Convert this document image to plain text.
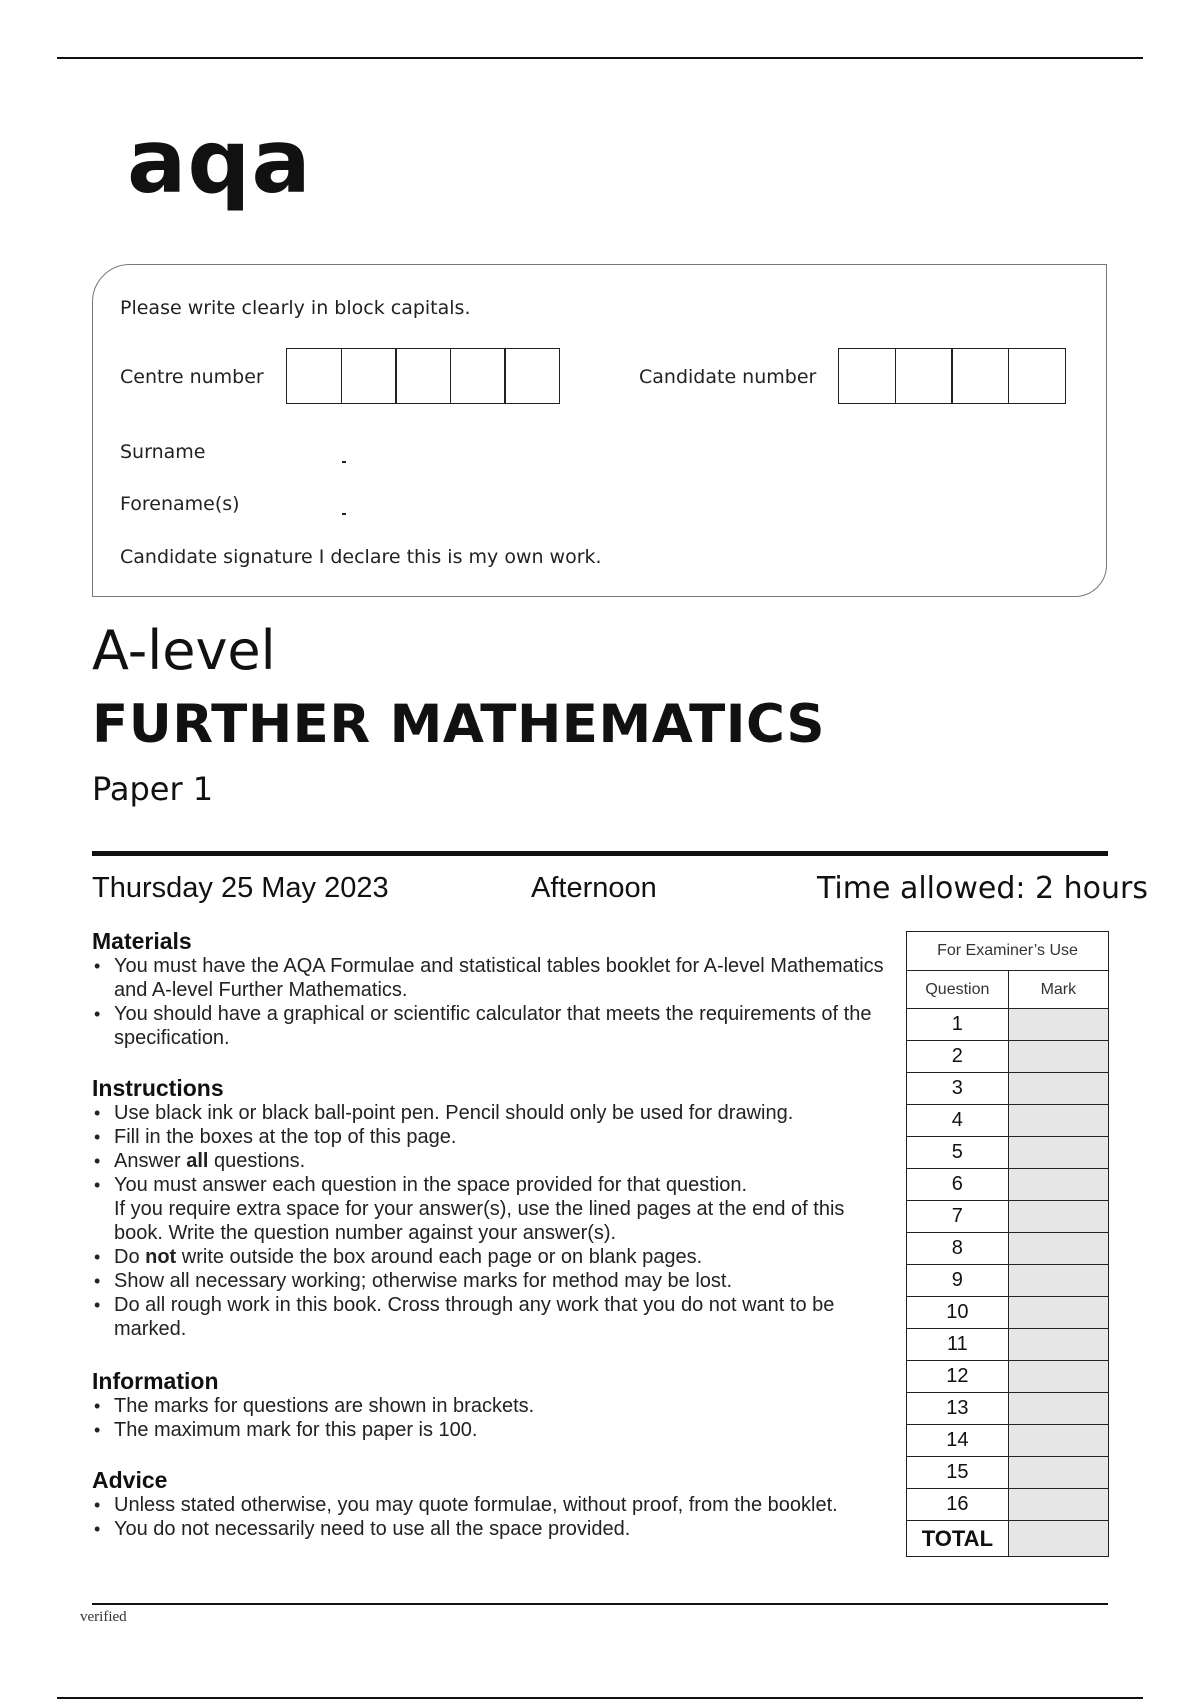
aqa
Please write clearly in block capitals.
Centre number	Candidate number
Surname
Forename(s)
Candidate signature I declare this is my own work.
A-level
FURTHER MATHEMATICS
Paper 1
Thursday 25 May 2023	Afternoon	Time allowed: 2 hours
Materials
• You must have the AQA Formulae and statistical tables booklet for A-level Mathematics and A-level Further Mathematics.
• You should have a graphical or scientific calculator that meets the requirements of the specification.
Instructions
• Use black ink or black ball-point pen. Pencil should only be used for drawing.
• Fill in the boxes at the top of this page.
• Answer all questions.
• You must answer each question in the space provided for that question.
If you require extra space for your answer(s), use the lined pages at the end of this book. Write the question number against your answer(s).
• Do not write outside the box around each page or on blank pages.
• Show all necessary working; otherwise marks for method may be lost.
• Do all rough work in this book. Cross through any work that you do not want to be marked.
Information
• The marks for questions are shown in brackets.
• The maximum mark for this paper is 100.
Advice
• Unless stated otherwise, you may quote formulae, without proof, from the booklet.
• You do not necessarily need to use all the space provided.
For Examiner’s Use	
Question	Mark
1	
2	
3	
4	
5	
6	
7	
8	
9	
10	
11	
12	
13	
14	
15	
16	
TOTAL	
verified
